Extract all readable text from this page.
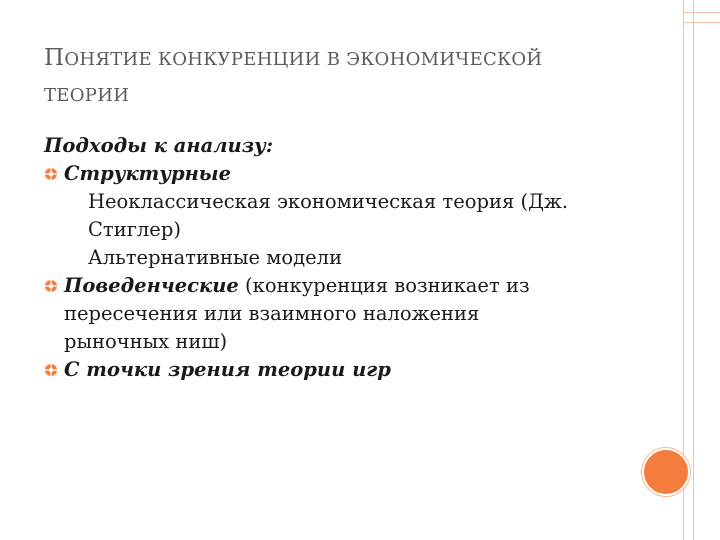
ПОНЯТИЕ КОНКУРЕНЦИИ В ЭКОНОМИЧЕСКОЙ
ТЕОРИИ
Подходы к анализу:
Структурные
Неоклассическая экономическая теория (Дж.
Стиглер)
Альтернативные модели
Поведенческие (конкуренция возникает из
пересечения или взаимного наложения
рыночных ниш)
С точки зрения теории игр
